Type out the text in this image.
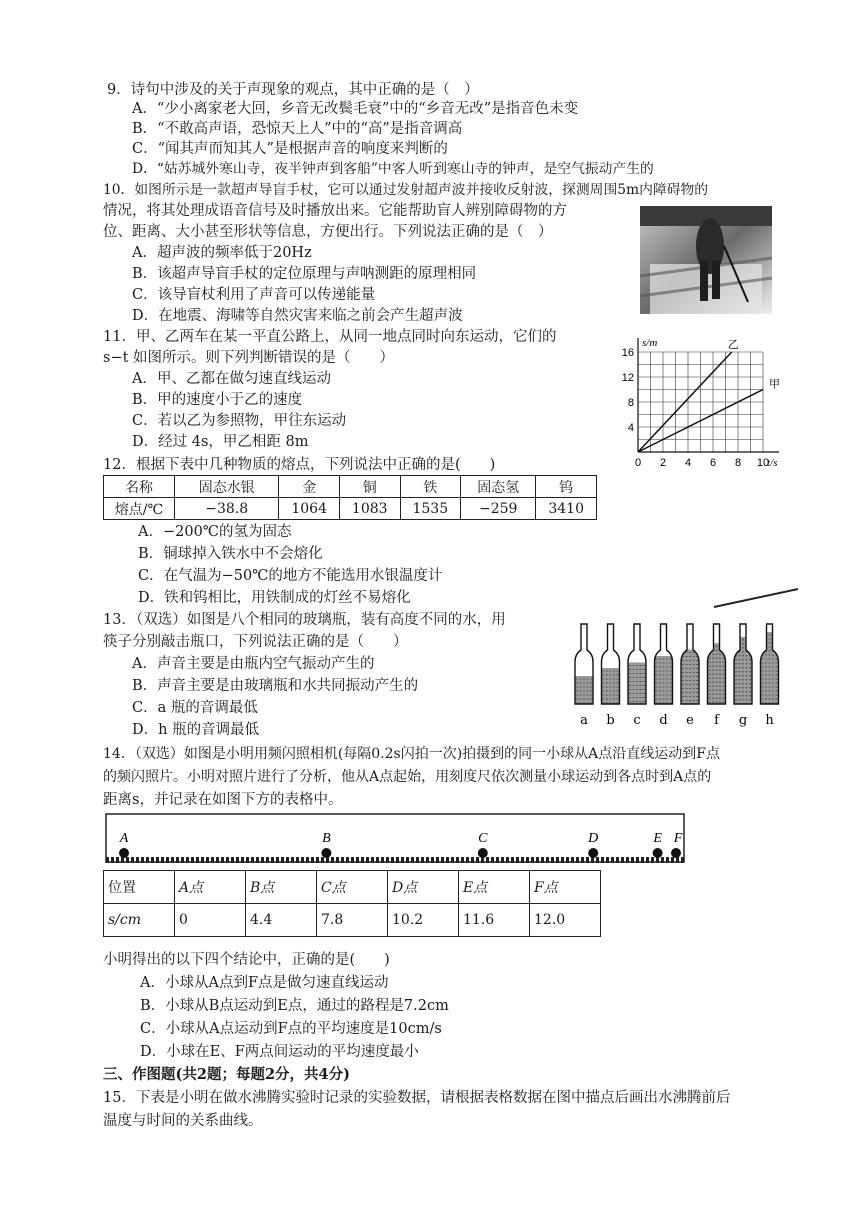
9．诗句中涉及的关于声现象的观点，其中正确的是（　）
A．“少小离家老大回，乡音无改鬓毛衰”中的“乡音无改”是指音色未变
B．“不敢高声语，恐惊天上人”中的“高”是指音调高
C．“闻其声而知其人”是根据声音的响度来判断的
D．“姑苏城外寒山寺，夜半钟声到客船”中客人听到寒山寺的钟声，是空气振动产生的
10．如图所示是一款超声导盲手杖，它可以通过发射超声波并接收反射波，探测周围5m内障碍物的
情况，将其处理成语音信号及时播放出来。它能帮助盲人辨别障碍物的方
位、距离、大小甚至形状等信息，方便出行。下列说法正确的是（　）
A．超声波的频率低于20Hz
B．该超声导盲手杖的定位原理与声呐测距的原理相同
C．该导盲杖利用了声音可以传递能量
D．在地震、海啸等自然灾害来临之前会产生超声波
11．甲、乙两车在某一平直公路上，从同一地点同时向东运动，它们的
s−t 如图所示。则下列判断错误的是（　　）
A．甲、乙都在做匀速直线运动
B．甲的速度小于乙的速度
C．若以乙为参照物，甲往东运动
D．经过 4s，甲乙相距 8m
乙
甲
0 2 4 6 8 10
4
8
12
16
s/m
t/s
12．根据下表中几种物质的熔点，下列说法中正确的是(　　)
名称	固态水银	金	铜	铁	固态氢	钨
熔点/℃	−38.8	1064	1083	1535	−259	3410
A．−200℃的氢为固态
B．铜球掉入铁水中不会熔化
C．在气温为−50℃的地方不能选用水银温度计
D．铁和钨相比，用铁制成的灯丝不易熔化
13．（双选）如图是八个相同的玻璃瓶，装有高度不同的水，用
筷子分别敲击瓶口，下列说法正确的是（　　）
A．声音主要是由瓶内空气振动产生的
B．声音主要是由玻璃瓶和水共同振动产生的
C．a 瓶的音调最低
D．h 瓶的音调最低
a b c d e f g h
14．（双选）如图是小明用频闪照相机(每隔0.2s闪拍一次)拍摄到的同一小球从A点沿直线运动到F点
的频闪照片。小明对照片进行了分析，他从A点起始，用刻度尺依次测量小球运动到各点时到A点的
距离s，并记录在如图下方的表格中。
A	B	C	D	E F
位置	A点	B点	C点	D点	E点	F点
s/cm	0	4.4	7.8	10.2	11.6	12.0
小明得出的以下四个结论中，正确的是(　　)
A．小球从A点到F点是做匀速直线运动
B．小球从B点运动到E点，通过的路程是7.2cm
C．小球从A点运动到F点的平均速度是10cm/s
D．小球在E、F两点间运动的平均速度最小
三、作图题(共2题；每题2分，共4分)
15．下表是小明在做水沸腾实验时记录的实验数据，请根据表格数据在图中描点后画出水沸腾前后
温度与时间的关系曲线。
